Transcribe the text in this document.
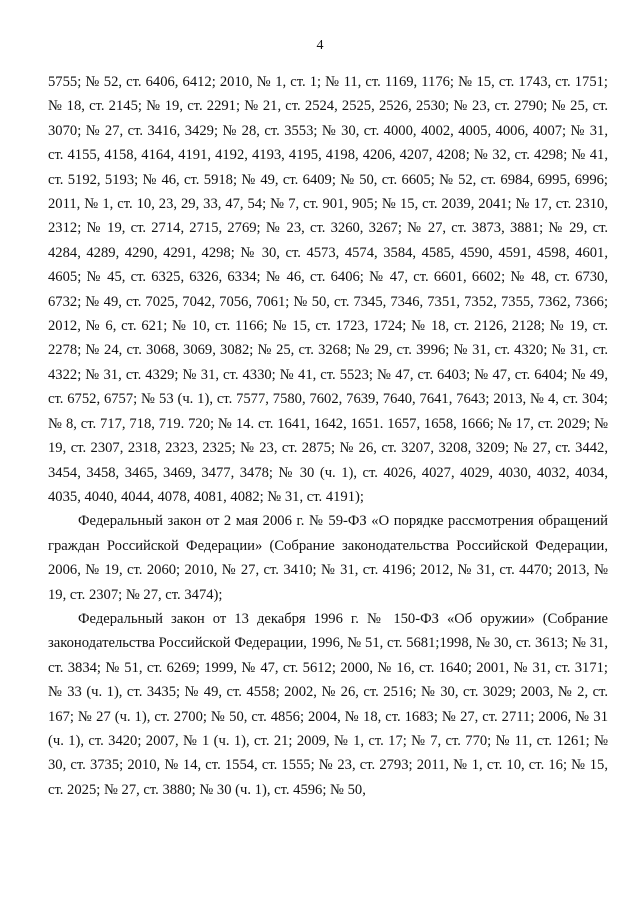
4

5755; № 52, ст. 6406, 6412; 2010, № 1, ст. 1; № 11, ст. 1169, 1176; № 15, ст. 1743, ст. 1751; № 18, ст. 2145; № 19, ст. 2291; № 21, ст. 2524, 2525, 2526, 2530; № 23, ст. 2790; № 25, ст. 3070; № 27, ст. 3416, 3429; № 28, ст. 3553; № 30, ст. 4000, 4002, 4005, 4006, 4007; № 31, ст. 4155, 4158, 4164, 4191, 4192, 4193, 4195, 4198, 4206, 4207, 4208; № 32, ст. 4298; № 41, ст. 5192, 5193; № 46, ст. 5918; № 49, ст. 6409; № 50, ст. 6605; № 52, ст. 6984, 6995, 6996; 2011, № 1, ст. 10, 23, 29, 33, 47, 54; № 7, ст. 901, 905; № 15, ст. 2039, 2041; № 17, ст. 2310, 2312; № 19, ст. 2714, 2715, 2769; № 23, ст. 3260, 3267; № 27, ст. 3873, 3881; № 29, ст. 4284, 4289, 4290, 4291, 4298; № 30, ст. 4573, 4574, 3584, 4585, 4590, 4591, 4598, 4601, 4605; № 45, ст. 6325, 6326, 6334; № 46, ст. 6406; № 47, ст. 6601, 6602; № 48, ст. 6730, 6732; № 49, ст. 7025, 7042, 7056, 7061; № 50, ст. 7345, 7346, 7351, 7352, 7355, 7362, 7366; 2012, № 6, ст. 621; № 10, ст. 1166; № 15, ст. 1723, 1724; № 18, ст. 2126, 2128; № 19, ст. 2278; № 24, ст. 3068, 3069, 3082; № 25, ст. 3268; № 29, ст. 3996; № 31, ст. 4320; № 31, ст. 4322; № 31, ст. 4329; № 31, ст. 4330; № 41, ст. 5523; № 47, ст. 6403; № 47, ст. 6404; № 49, ст. 6752, 6757; № 53 (ч. 1), ст. 7577, 7580, 7602, 7639, 7640, 7641, 7643; 2013, № 4, ст. 304; № 8, ст. 717, 718, 719. 720; № 14. ст. 1641, 1642, 1651. 1657, 1658, 1666; № 17, ст. 2029; № 19, ст. 2307, 2318, 2323, 2325; № 23, ст. 2875; № 26, ст. 3207, 3208, 3209; № 27, ст. 3442, 3454, 3458, 3465, 3469, 3477, 3478; № 30 (ч. 1), ст. 4026, 4027, 4029, 4030, 4032, 4034, 4035, 4040, 4044, 4078, 4081, 4082; № 31, ст. 4191);

Федеральный закон от 2 мая 2006 г. № 59-ФЗ «О порядке рассмотрения обращений граждан Российской Федерации» (Собрание законодательства Российской Федерации, 2006, № 19, ст. 2060; 2010, № 27, ст. 3410; № 31, ст. 4196; 2012, № 31, ст. 4470; 2013, № 19, ст. 2307; № 27, ст. 3474);

Федеральный закон от 13 декабря 1996 г. № 150-ФЗ «Об оружии» (Собрание законодательства Российской Федерации, 1996, № 51, ст. 5681;1998, № 30, ст. 3613; № 31, ст. 3834; № 51, ст. 6269; 1999, № 47, ст. 5612; 2000, № 16, ст. 1640; 2001, № 31, ст. 3171; № 33 (ч. 1), ст. 3435; № 49, ст. 4558; 2002, № 26, ст. 2516; № 30, ст. 3029; 2003, № 2, ст. 167; № 27 (ч. 1), ст. 2700; № 50, ст. 4856; 2004, № 18, ст. 1683; № 27, ст. 2711; 2006, № 31 (ч. 1), ст. 3420; 2007, № 1 (ч. 1), ст. 21; 2009, № 1, ст. 17; № 7, ст. 770; № 11, ст. 1261; № 30, ст. 3735; 2010, № 14, ст. 1554, ст. 1555; № 23, ст. 2793; 2011, № 1, ст. 10, ст. 16; № 15, ст. 2025; № 27, ст. 3880; № 30 (ч. 1), ст. 4596; № 50,
